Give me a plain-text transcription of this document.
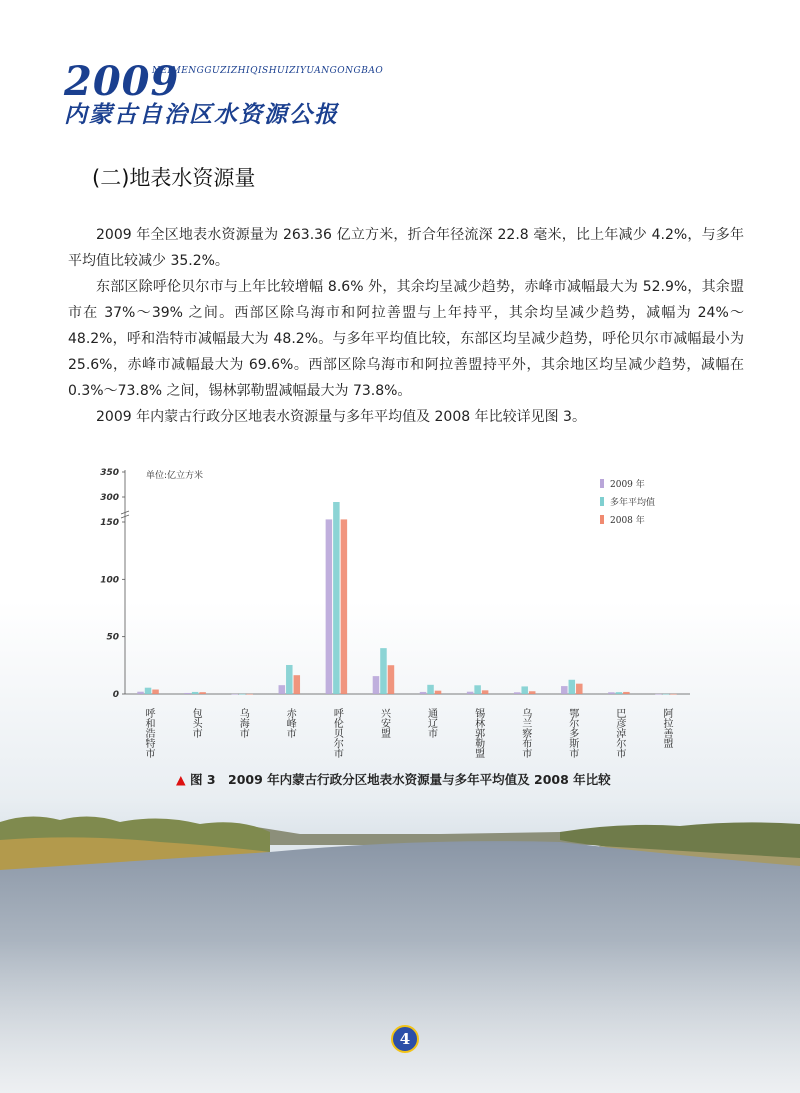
2009
NEIMENGGUZIZHIQISHUIZIYUANGONGBAO
内蒙古自治区水资源公报
(二)地表水资源量

2009 年全区地表水资源量为 263.36 亿立方米，折合年径流深 22.8 毫米，比上年减少 4.2%，与多年平均值比较减少 35.2%。

东部区除呼伦贝尔市与上年比较增幅 8.6% 外，其余均呈减少趋势，赤峰市减幅最大为 52.9%，其余盟市在 37%～39% 之间。西部区除乌海市和阿拉善盟与上年持平，其余均呈减少趋势，减幅为 24%～48.2%，呼和浩特市减幅最大为 48.2%。与多年平均值比较，东部区均呈减少趋势，呼伦贝尔市减幅最小为 25.6%，赤峰市减幅最大为 69.6%。西部区除乌海市和阿拉善盟持平外，其余地区均呈减少趋势，减幅在 0.3%～73.8% 之间，锡林郭勒盟减幅最大为 73.8%。

2009 年内蒙古行政分区地表水资源量与多年平均值及 2008 年比较详见图 3。

0
50
100
150
300
350	单位:亿立方米
呼和浩特市	包头市	乌海市	赤峰市	呼伦贝尔市	兴安盟	通辽市	锡林郭勒盟	乌兰察布市	鄂尔多斯市	巴彦淖尔市	阿拉善盟
2009 年
多年平均值
2008 年
▲ 图 3　2009 年内蒙古行政分区地表水资源量与多年平均值及 2008 年比较
4
